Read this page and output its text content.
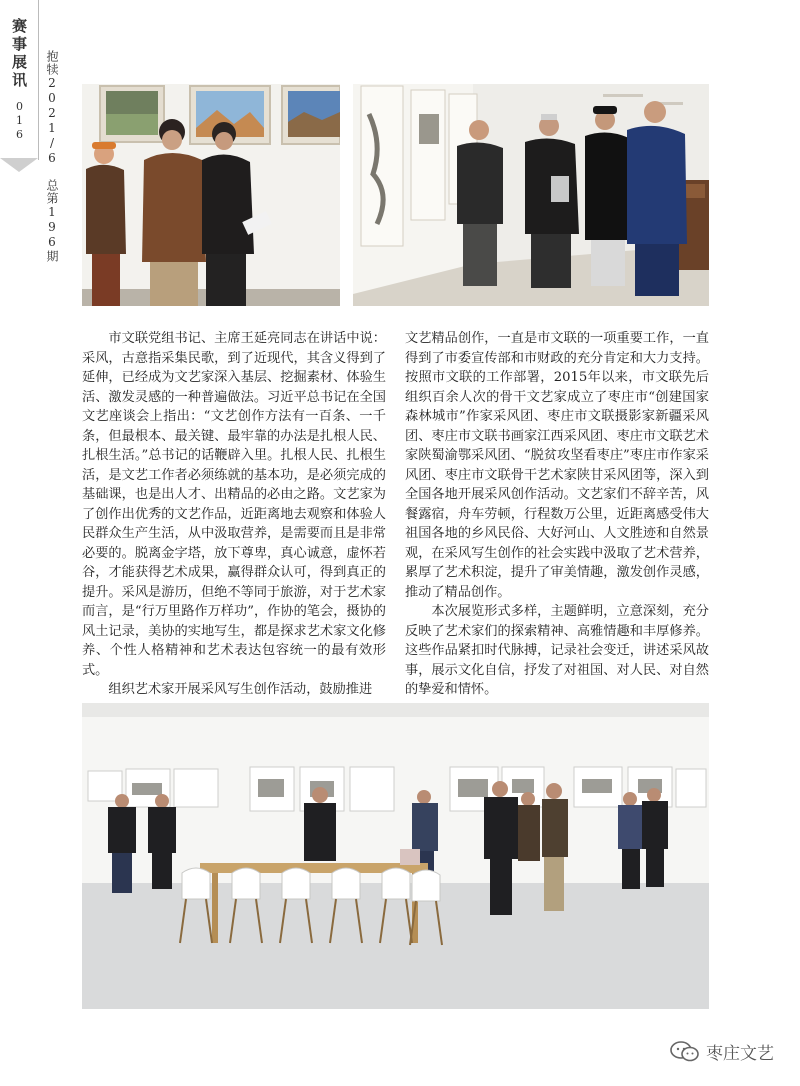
赛事展讯
016 抱犊2021/6　总第196期

市文联党组书记、主席王延亮同志在讲话中说：采风，古意指采集民歌，到了近现代，其含义得到了延伸，已经成为文艺家深入基层、挖掘素材、体验生活、激发灵感的一种普遍做法。习近平总书记在全国文艺座谈会上指出：“文艺创作方法有一百条、一千条，但最根本、最关键、最牢靠的办法是扎根人民、扎根生活。”总书记的话鞭辟入里。扎根人民、扎根生活，是文艺工作者必须练就的基本功，是必须完成的基础课，也是出人才、出精品的必由之路。文艺家为了创作出优秀的文艺作品，近距离地去观察和体验人民群众生产生活，从中汲取营养，是需要而且是非常必要的。脱离金字塔，放下尊卑，真心诚意，虚怀若谷，才能获得艺术成果，赢得群众认可，得到真正的提升。采风是游历，但绝不等同于旅游，对于艺术家而言，是“行万里路作万样功”，作协的笔会，摄协的风土记录，美协的实地写生，都是探求艺术家文化修养、个性人格精神和艺术表达包容统一的最有效形式。

组织艺术家开展采风写生创作活动，鼓励推进

文艺精品创作，一直是市文联的一项重要工作，一直得到了市委宣传部和市财政的充分肯定和大力支持。按照市文联的工作部署，2015年以来，市文联先后组织百余人次的骨干文艺家成立了枣庄市“创建国家森林城市”作家采风团、枣庄市文联摄影家新疆采风团、枣庄市文联书画家江西采风团、枣庄市文联艺术家陕蜀渝鄂采风团、“脱贫攻坚看枣庄”枣庄市作家采风团、枣庄市文联骨干艺术家陕甘采风团等，深入到全国各地开展采风创作活动。文艺家们不辞辛苦，风餐露宿，舟车劳顿，行程数万公里，近距离感受伟大祖国各地的乡风民俗、大好河山、人文胜迹和自然景观，在采风写生创作的社会实践中汲取了艺术营养，累厚了艺术积淀，提升了审美情趣，激发创作灵感，推动了精品创作。

本次展览形式多样，主题鲜明，立意深刻，充分反映了艺术家们的探索精神、高雅情趣和丰厚修养。这些作品紧扣时代脉搏，记录社会变迁，讲述采风故事，展示文化自信，抒发了对祖国、对人民、对自然的挚爱和情怀。

枣庄文艺
